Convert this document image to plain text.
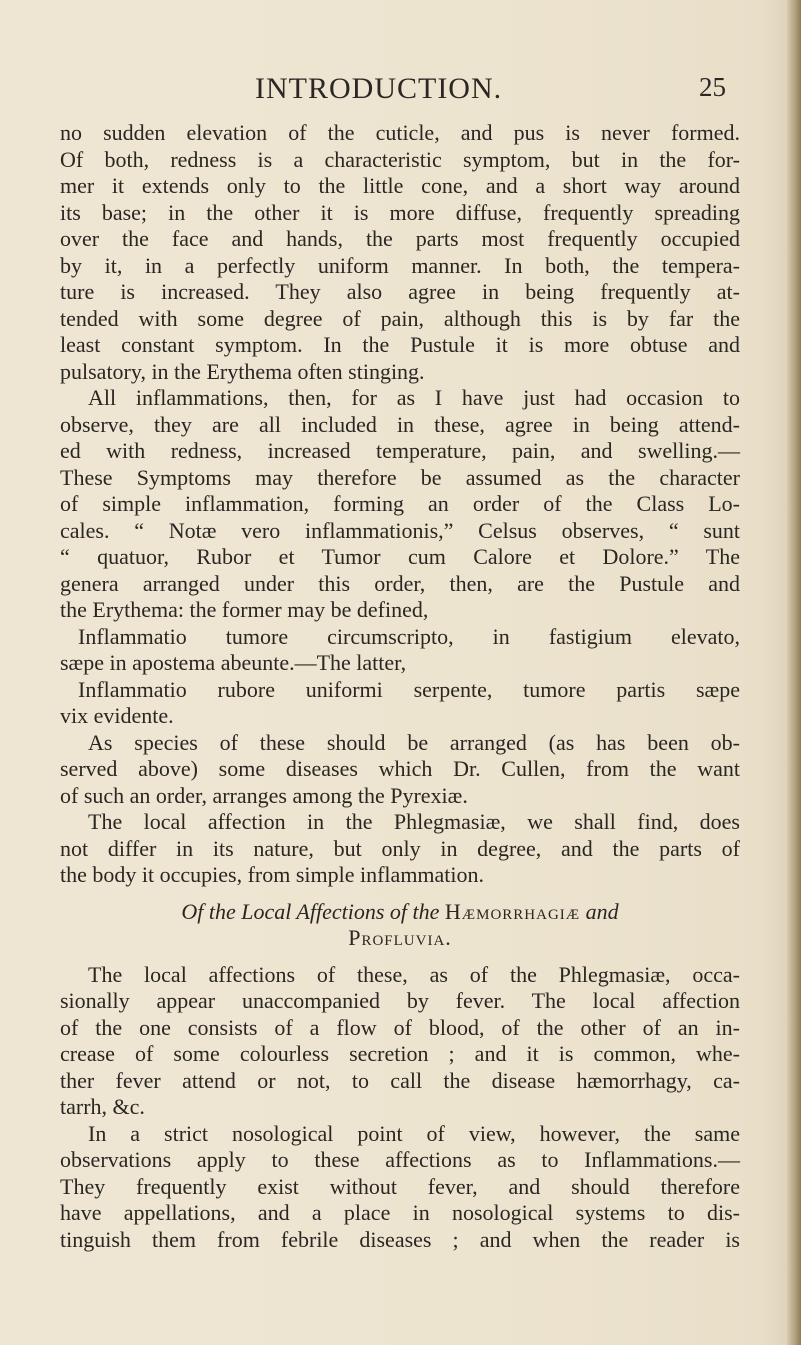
INTRODUCTION.	25
no sudden elevation of the cuticle, and pus is never formed.
Of both, redness is a characteristic symptom, but in the for-
mer it extends only to the little cone, and a short way around
its base; in the other it is more diffuse, frequently spreading
over the face and hands, the parts most frequently occupied
by it, in a perfectly uniform manner. In both, the tempera-
ture is increased. They also agree in being frequently at-
tended with some degree of pain, although this is by far the
least constant symptom. In the Pustule it is more obtuse and
pulsatory, in the Erythema often stinging.
All inflammations, then, for as I have just had occasion to
observe, they are all included in these, agree in being attend-
ed with redness, increased temperature, pain, and swelling.—
These Symptoms may therefore be assumed as the character
of simple inflammation, forming an order of the Class Lo-
cales. “ Notæ vero inflammationis,” Celsus observes, “ sunt
“ quatuor, Rubor et Tumor cum Calore et Dolore.” The
genera arranged under this order, then, are the Pustule and
the Erythema: the former may be defined,
Inflammatio tumore circumscripto, in fastigium elevato,
sæpe in apostema abeunte.—The latter,
Inflammatio rubore uniformi serpente, tumore partis sæpe
vix evidente.
As species of these should be arranged (as has been ob-
served above) some diseases which Dr. Cullen, from the want
of such an order, arranges among the Pyrexiæ.
The local affection in the Phlegmasiæ, we shall find, does
not differ in its nature, but only in degree, and the parts of
the body it occupies, from simple inflammation.
Of the Local Affections of the Hæmorrhagiæ and
Profluvia.
The local affections of these, as of the Phlegmasiæ, occa-
sionally appear unaccompanied by fever. The local affection
of the one consists of a flow of blood, of the other of an in-
crease of some colourless secretion ; and it is common, whe-
ther fever attend or not, to call the disease hæmorrhagy, ca-
tarrh, &c.
In a strict nosological point of view, however, the same
observations apply to these affections as to Inflammations.—
They frequently exist without fever, and should therefore
have appellations, and a place in nosological systems to dis-
tinguish them from febrile diseases ; and when the reader is
